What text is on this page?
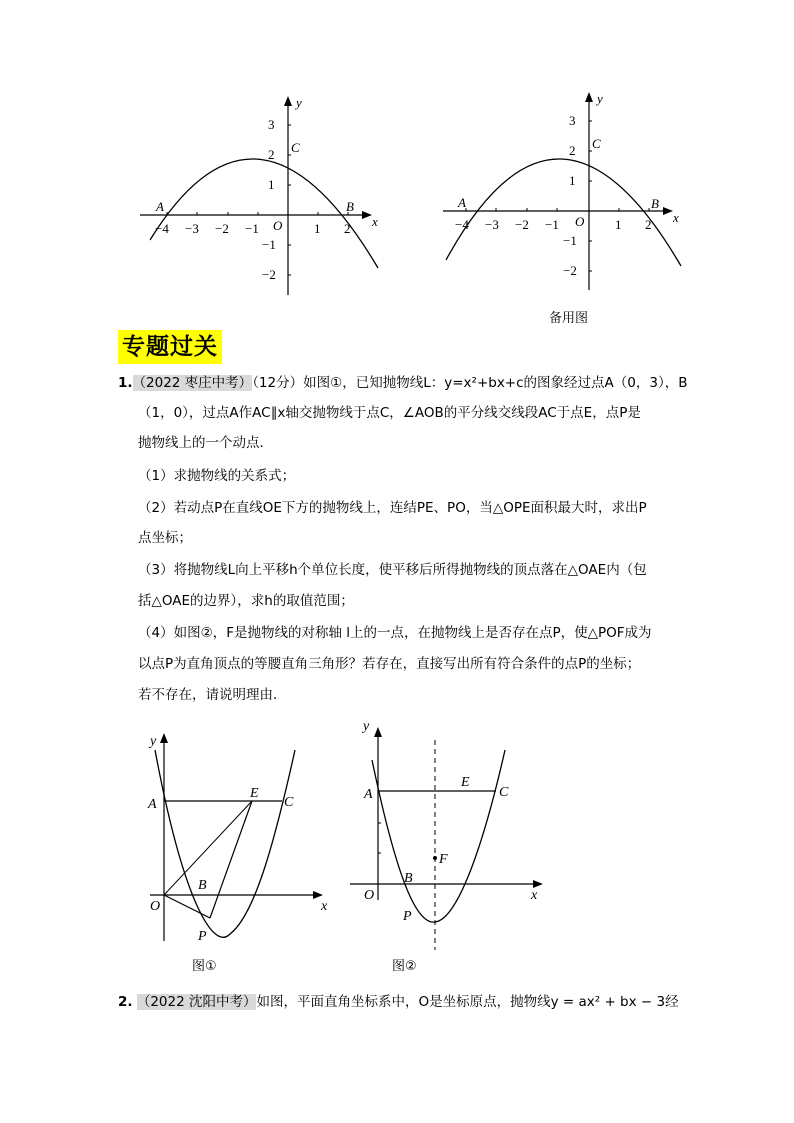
y
x
O
A	B
C
−4 −3 −2 −1	1 2
3
2
1
−1
−2
y
x
O
A	B
C
−4 −3 −2 −1	1 2
3
2
1
−1
−2
备用图
专题过关
1.（2022 枣庄中考）（12分）如图①，已知抛物线L：y=x²+bx+c的图象经过点A（0，3），B
（1，0），过点A作AC∥x轴交抛物线于点C，∠AOB的平分线交线段AC于点E，点P是
抛物线上的一个动点．
（1）求抛物线的关系式；
（2）若动点P在直线OE下方的抛物线上，连结PE、PO，当△OPE面积最大时，求出P
点坐标；
（3）将抛物线L向上平移h个单位长度，使平移后所得抛物线的顶点落在△OAE内（包
括△OAE的边界），求h的取值范围；
（4）如图②，F是抛物线的对称轴 l上的一点，在抛物线上是否存在点P，使△POF成为
以点P为直角顶点的等腰直角三角形？若存在，直接写出所有符合条件的点P的坐标；
若不存在，请说明理由．
y
x
A
E
C
B
O
P
y
x
A
E
C
F
O
B
P
图①	图②
2. （2022 沈阳中考）如图，平面直角坐标系中，O是坐标原点，抛物线y = ax² + bx − 3经
